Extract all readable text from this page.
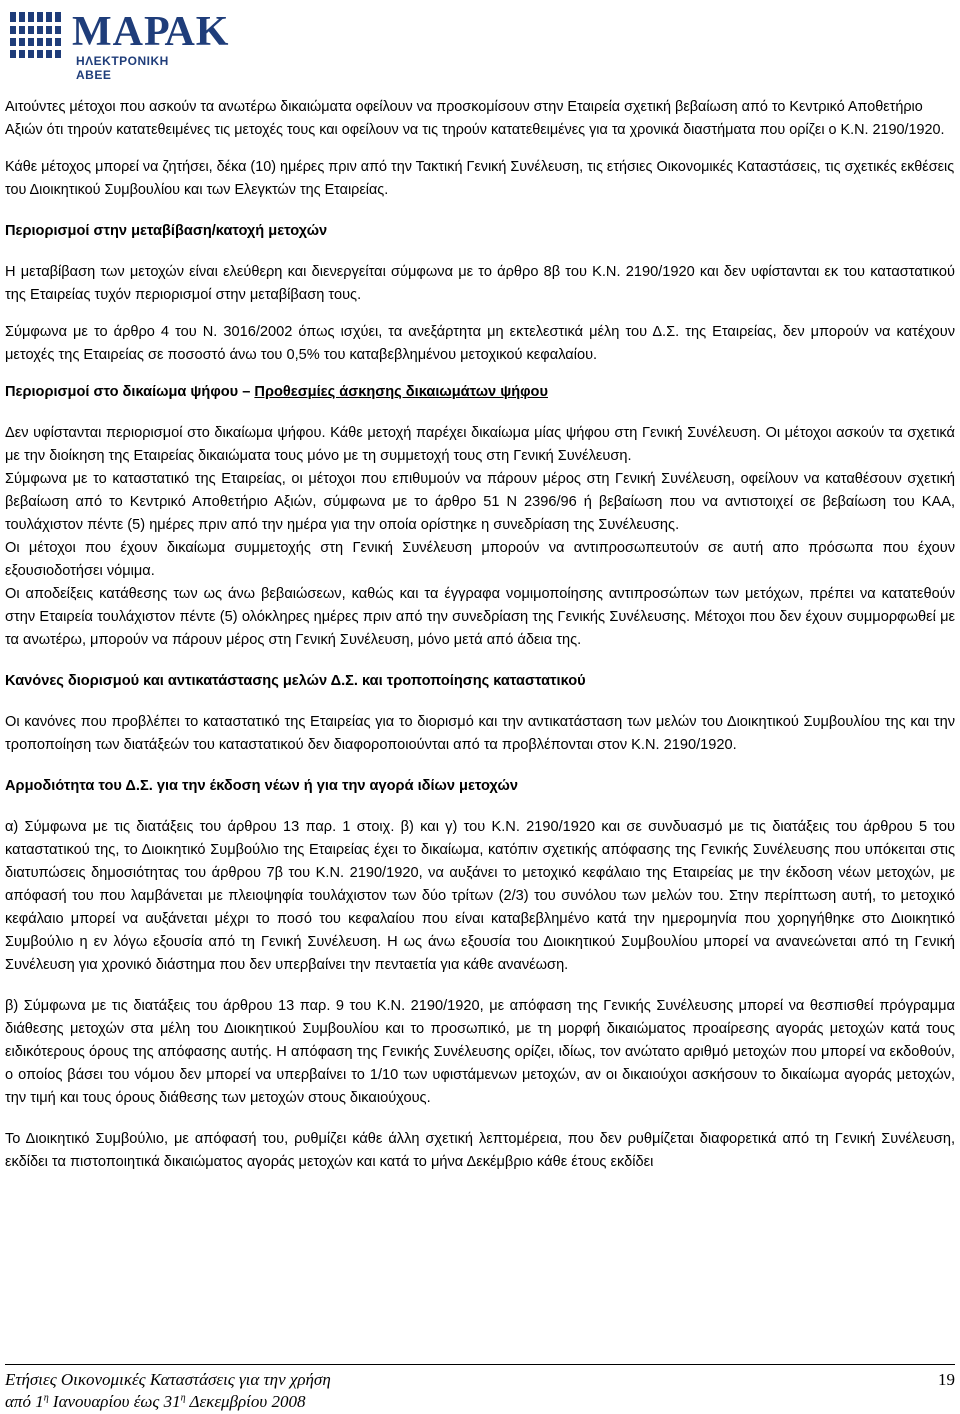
ΜΑΡΑΚ
ΗΛΕΚΤΡΟΝΙΚΗ ΑΒΕΕ

Αιτούντες μέτοχοι που ασκούν τα ανωτέρω δικαιώματα οφείλουν να προσκομίσουν στην Εταιρεία σχετική βεβαίωση από το Κεντρικό Αποθετήριο Αξιών ότι τηρούν κατατεθειμένες τις μετοχές τους και οφείλουν να τις τηρούν κατατεθειμένες για τα χρονικά διαστήματα που ορίζει ο Κ.Ν. 2190/1920.

Κάθε μέτοχος μπορεί να ζητήσει, δέκα (10) ημέρες πριν από την Τακτική Γενική Συνέλευση, τις ετήσιες Οικονομικές Καταστάσεις, τις σχετικές εκθέσεις του Διοικητικού Συμβουλίου και των Ελεγκτών της Εταιρείας.

Περιορισμοί στην μεταβίβαση/κατοχή μετοχών

Η μεταβίβαση των μετοχών είναι ελεύθερη και διενεργείται σύμφωνα με το άρθρο 8β του Κ.Ν. 2190/1920 και δεν υφίστανται εκ του καταστατικού της Εταιρείας τυχόν περιορισμοί στην μεταβίβαση τους.

Σύμφωνα με το άρθρο 4 του Ν. 3016/2002 όπως ισχύει, τα ανεξάρτητα μη εκτελεστικά μέλη του Δ.Σ. της Εταιρείας, δεν μπορούν να κατέχουν μετοχές της Εταιρείας σε ποσοστό άνω του 0,5% του καταβεβλημένου μετοχικού κεφαλαίου.

Περιορισμοί στο δικαίωμα ψήφου – Προθεσμίες άσκησης δικαιωμάτων ψήφου

Δεν υφίστανται περιορισμοί στο δικαίωμα ψήφου. Κάθε μετοχή παρέχει δικαίωμα μίας ψήφου στη Γενική Συνέλευση. Οι μέτοχοι ασκούν τα σχετικά με την διοίκηση της Εταιρείας δικαιώματα τους μόνο με τη συμμετοχή τους στη Γενική Συνέλευση.

Σύμφωνα με το καταστατικό της Εταιρείας, οι μέτοχοι που επιθυμούν να πάρουν μέρος στη Γενική Συνέλευση, οφείλουν να καταθέσουν σχετική βεβαίωση από το Κεντρικό Αποθετήριο Αξιών, σύμφωνα με το άρθρο 51 Ν 2396/96 ή βεβαίωση που να αντιστοιχεί σε βεβαίωση του ΚΑΑ, τουλάχιστον πέντε (5) ημέρες πριν από την ημέρα για την οποία ορίστηκε η συνεδρίαση της Συνέλευσης.

Οι μέτοχοι που έχουν δικαίωμα συμμετοχής στη Γενική Συνέλευση μπορούν να αντιπροσωπευτούν σε αυτή απο πρόσωπα που έχουν εξουσιοδοτήσει νόμιμα.

Οι αποδείξεις κατάθεσης των ως άνω βεβαιώσεων, καθώς και τα έγγραφα νομιμοποίησης αντιπροσώπων των μετόχων, πρέπει να κατατεθούν στην Εταιρεία τουλάχιστον πέντε (5) ολόκληρες ημέρες πριν από την συνεδρίαση της Γενικής Συνέλευσης. Μέτοχοι που δεν έχουν συμμορφωθεί με τα ανωτέρω, μπορούν να πάρουν μέρος στη Γενική Συνέλευση, μόνο μετά από άδεια της.

Κανόνες διορισμού και αντικατάστασης μελών Δ.Σ. και τροποποίησης καταστατικού

Οι κανόνες που προβλέπει το καταστατικό της Εταιρείας για το διορισμό και την αντικατάσταση των μελών του Διοικητικού Συμβουλίου της και την τροποποίηση των διατάξεών του καταστατικού δεν διαφοροποιούνται από τα προβλέπονται στον Κ.Ν. 2190/1920.

Αρμοδιότητα του Δ.Σ. για την έκδοση νέων ή για την αγορά ιδίων μετοχών

α) Σύμφωνα με τις διατάξεις του άρθρου 13 παρ. 1 στοιχ. β) και γ) του Κ.Ν. 2190/1920 και σε συνδυασμό με τις διατάξεις του άρθρου 5 του καταστατικού της, το Διοικητικό Συμβούλιο της Εταιρείας έχει το δικαίωμα, κατόπιν σχετικής απόφασης της Γενικής Συνέλευσης που υπόκειται στις διατυπώσεις δημοσιότητας του άρθρου 7β του Κ.Ν. 2190/1920, να αυξάνει το μετοχικό κεφάλαιο της Εταιρείας με την έκδοση νέων μετοχών, με απόφασή του που λαμβάνεται με πλειοψηφία τουλάχιστον των δύο τρίτων (2/3) του συνόλου των μελών του. Στην περίπτωση αυτή, το μετοχικό κεφάλαιο μπορεί να αυξάνεται μέχρι το ποσό του κεφαλαίου που είναι καταβεβλημένο κατά την ημερομηνία που χορηγήθηκε στο Διοικητικό Συμβούλιο η εν λόγω εξουσία από τη Γενική Συνέλευση. Η ως άνω εξουσία του Διοικητικού Συμβουλίου μπορεί να ανανεώνεται από τη Γενική Συνέλευση για χρονικό διάστημα που δεν υπερβαίνει την πενταετία για κάθε ανανέωση.

β) Σύμφωνα με τις διατάξεις του άρθρου 13 παρ. 9 του Κ.Ν. 2190/1920, με απόφαση της Γενικής Συνέλευσης μπορεί να θεσπισθεί πρόγραμμα διάθεσης μετοχών στα μέλη του Διοικητικού Συμβουλίου και το προσωπικό, με τη μορφή δικαιώματος προαίρεσης αγοράς μετοχών κατά τους ειδικότερους όρους της απόφασης αυτής. Η απόφαση της Γενικής Συνέλευσης ορίζει, ιδίως, τον ανώτατο αριθμό μετοχών που μπορεί να εκδοθούν, ο οποίος βάσει του νόμου δεν μπορεί να υπερβαίνει το 1/10 των υφιστάμενων μετοχών, αν οι δικαιούχοι ασκήσουν το δικαίωμα αγοράς μετοχών, την τιμή και τους όρους διάθεσης των μετοχών στους δικαιούχους.

Το Διοικητικό Συμβούλιο, με απόφασή του, ρυθμίζει κάθε άλλη σχετική λεπτομέρεια, που δεν ρυθμίζεται διαφορετικά από τη Γενική Συνέλευση, εκδίδει τα πιστοποιητικά δικαιώματος αγοράς μετοχών και κατά το μήνα Δεκέμβριο κάθε έτους εκδίδει

Ετήσιες Οικονομικές Καταστάσεις για την χρήση
από $1^\eta$ Ιανουαρίου έως $31^\eta$ Δεκεμβρίου 2008
19
